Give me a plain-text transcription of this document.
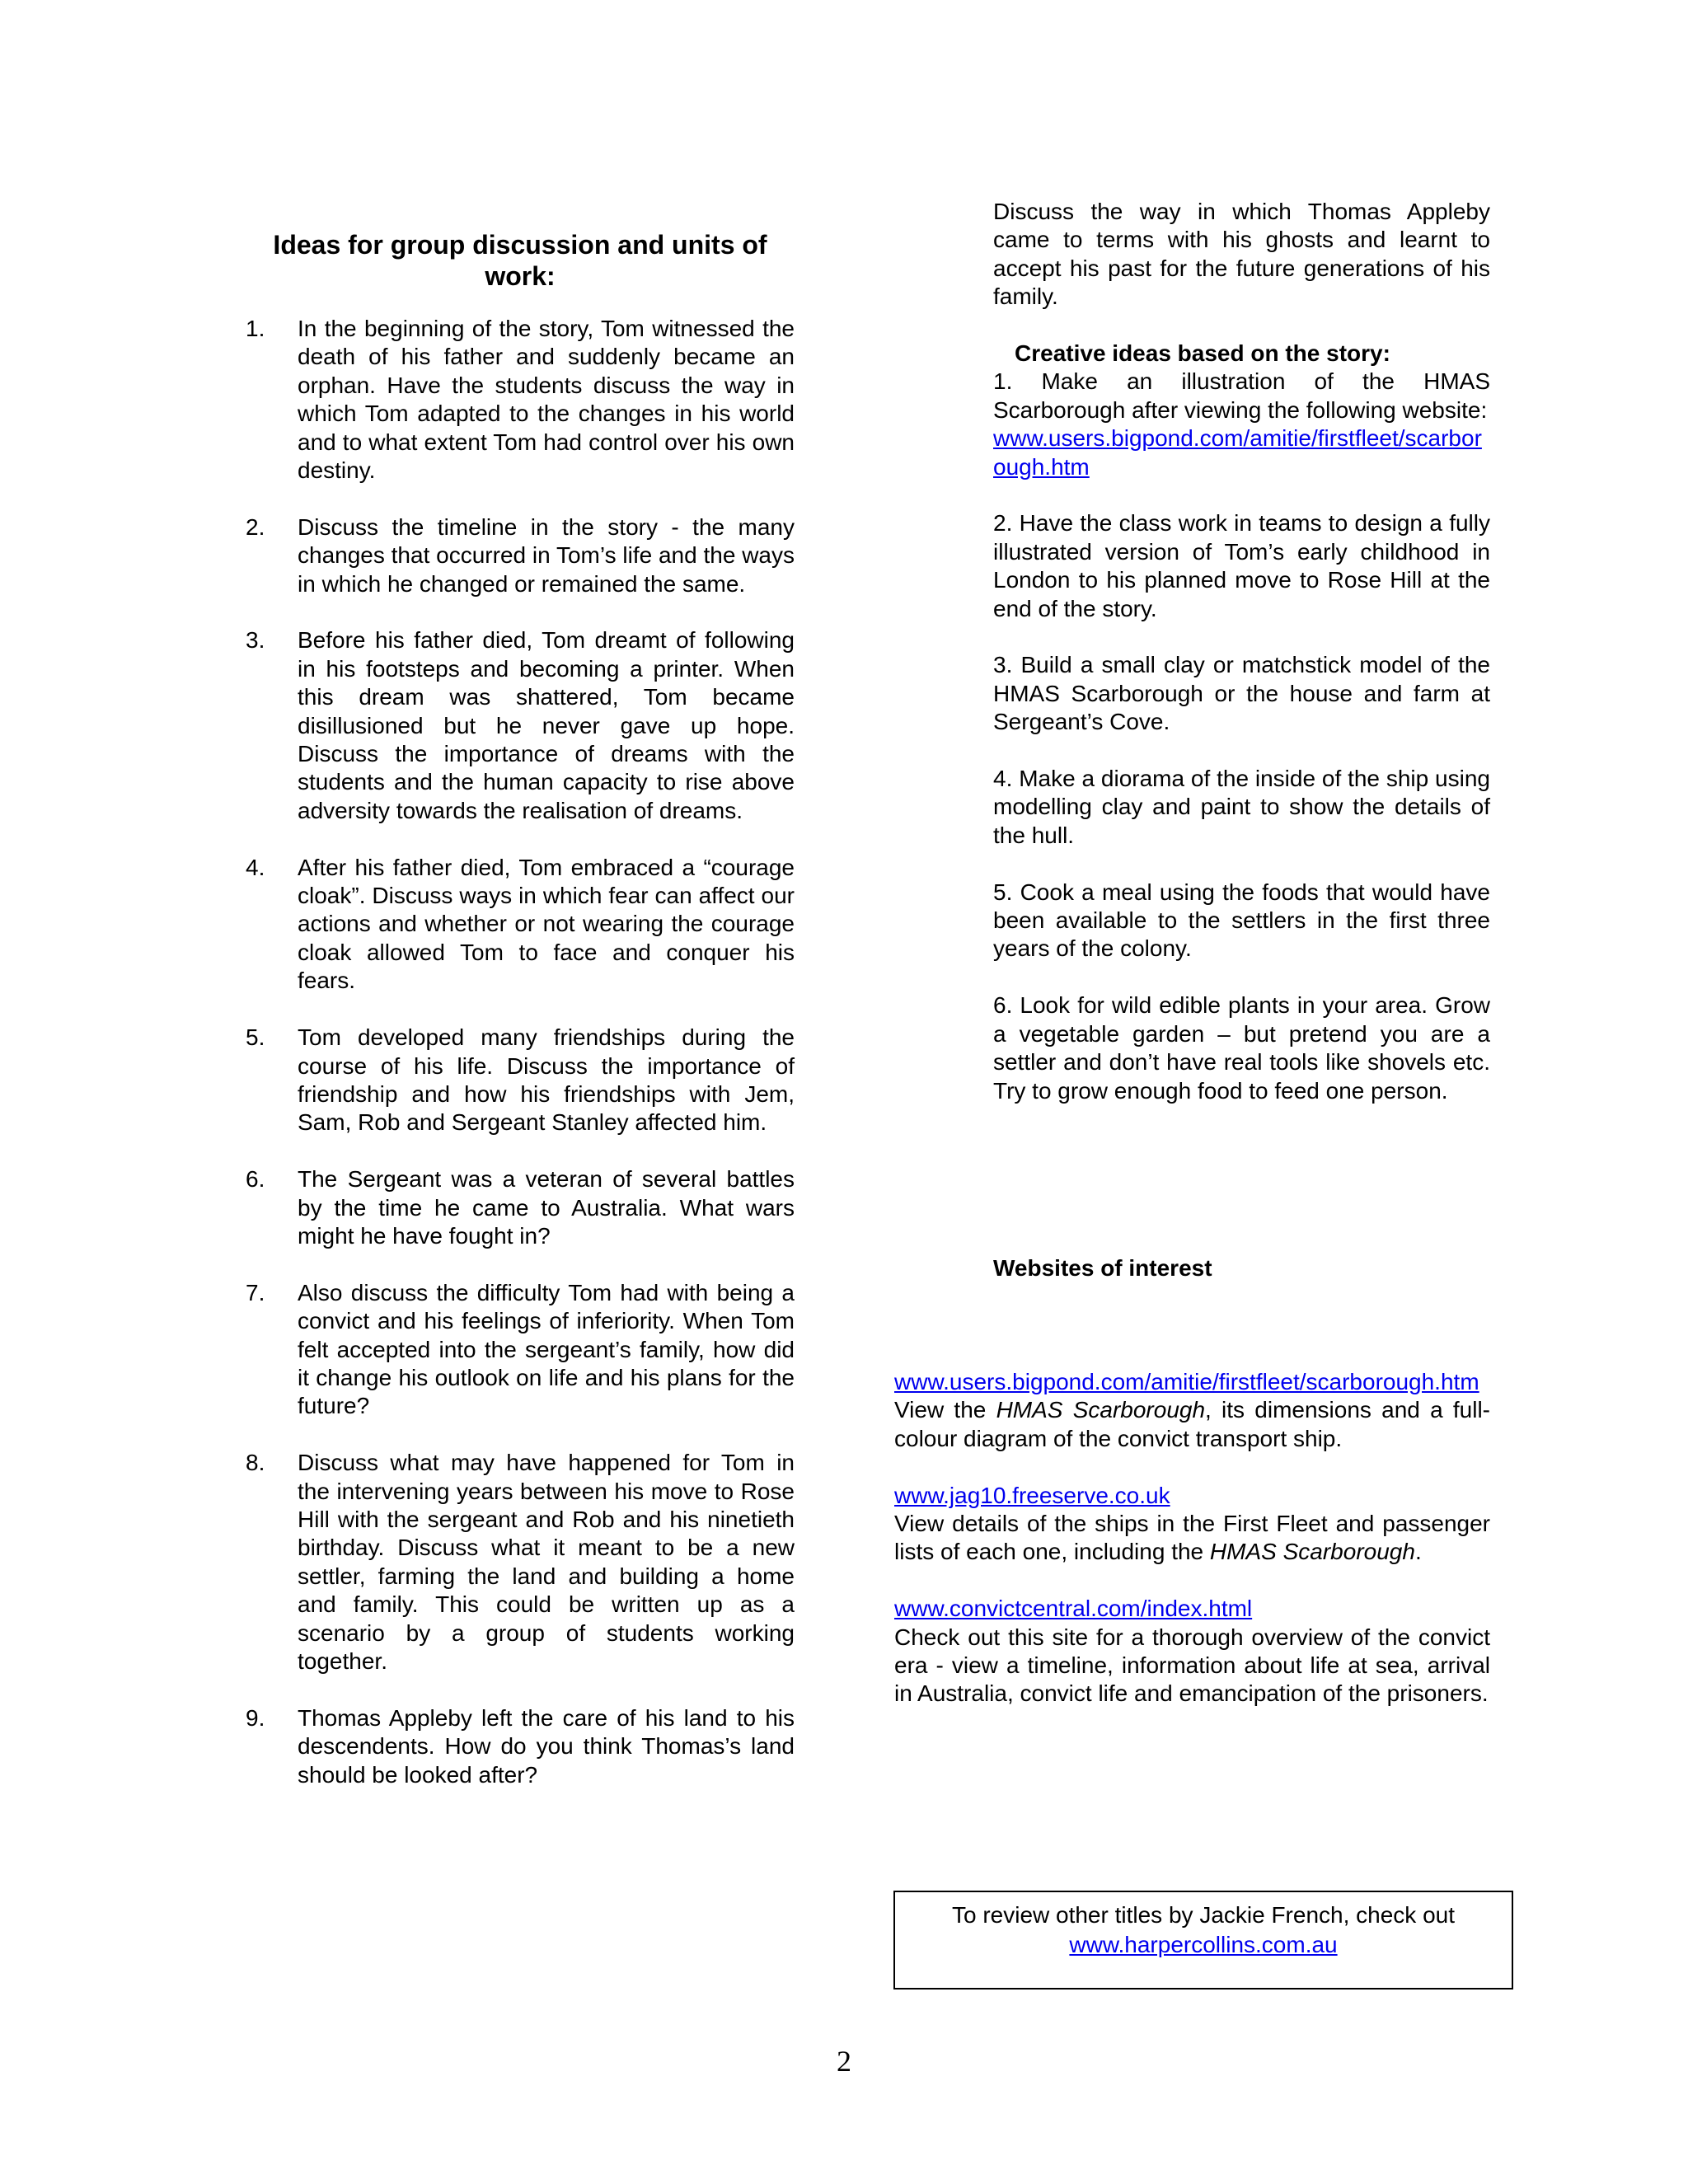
Ideas for group discussion and units of work:
1.	In the beginning of the story, Tom witnessed the death of his father and suddenly became an orphan. Have the students discuss the way in which Tom adapted to the changes in his world and to what extent Tom had control over his own destiny.

2.	Discuss the timeline in the story - the many changes that occurred in Tom’s life and the ways in which he changed or remained the same.

3.	Before his father died, Tom dreamt of following in his footsteps and becoming a printer. When this dream was shattered, Tom became disillusioned but he never gave up hope. Discuss the importance of dreams with the students and the human capacity to rise above adversity towards the realisation of dreams.

4.	After his father died, Tom embraced a “courage cloak”. Discuss ways in which fear can affect our actions and whether or not wearing the courage cloak allowed Tom to face and conquer his fears.

5.	Tom developed many friendships during the course of his life. Discuss the importance of friendship and how his friendships with Jem, Sam, Rob and Sergeant Stanley affected him.

6.	The Sergeant was a veteran of several battles by the time he came to Australia. What wars might he have fought in?

7.	Also discuss the difficulty Tom had with being a convict and his feelings of inferiority. When Tom felt accepted into the sergeant’s family, how did it change his outlook on life and his plans for the future?

8.	Discuss what may have happened for Tom in the intervening years between his move to Rose Hill with the sergeant and Rob and his ninetieth birthday. Discuss what it meant to be a new settler, farming the land and building a home and family. This could be written up as a scenario by a group of students working together.

9.	Thomas Appleby left the care of his land to his descendents. How do you think Thomas’s land should be looked after?

Discuss the way in which Thomas Appleby came to terms with his ghosts and learnt to accept his past for the future generations of his family.

Creative ideas based on the story:

1. Make an illustration of the HMAS Scarborough after viewing the following website:

www.users.bigpond.com/amitie/firstfleet/scarborough.htm

2. Have the class work in teams to design a fully illustrated version of Tom’s early childhood in London to his planned move to Rose Hill at the end of the story.

3. Build a small clay or matchstick model of the HMAS Scarborough or the house and farm at Sergeant’s Cove.

4. Make a diorama of the inside of the ship using modelling clay and paint to show the details of the hull.

5. Cook a meal using the foods that would have been available to the settlers in the first three years of the colony.

6. Look for wild edible plants in your area. Grow a vegetable garden – but pretend you are a settler and don’t have real tools like shovels etc. Try to grow enough food to feed one person.

Websites of interest
www.users.bigpond.com/amitie/firstfleet/scarborough.htm

View the HMAS Scarborough, its dimensions and a full-colour diagram of the convict transport ship.

www.jag10.freeserve.co.uk

View details of the ships in the First Fleet and passenger lists of each one, including the HMAS Scarborough.

www.convictcentral.com/index.html

Check out this site for a thorough overview of the convict era - view a timeline, information about life at sea, arrival in Australia, convict life and emancipation of the prisoners.

To review other titles by Jackie French, check out
www.harpercollins.com.au
2
